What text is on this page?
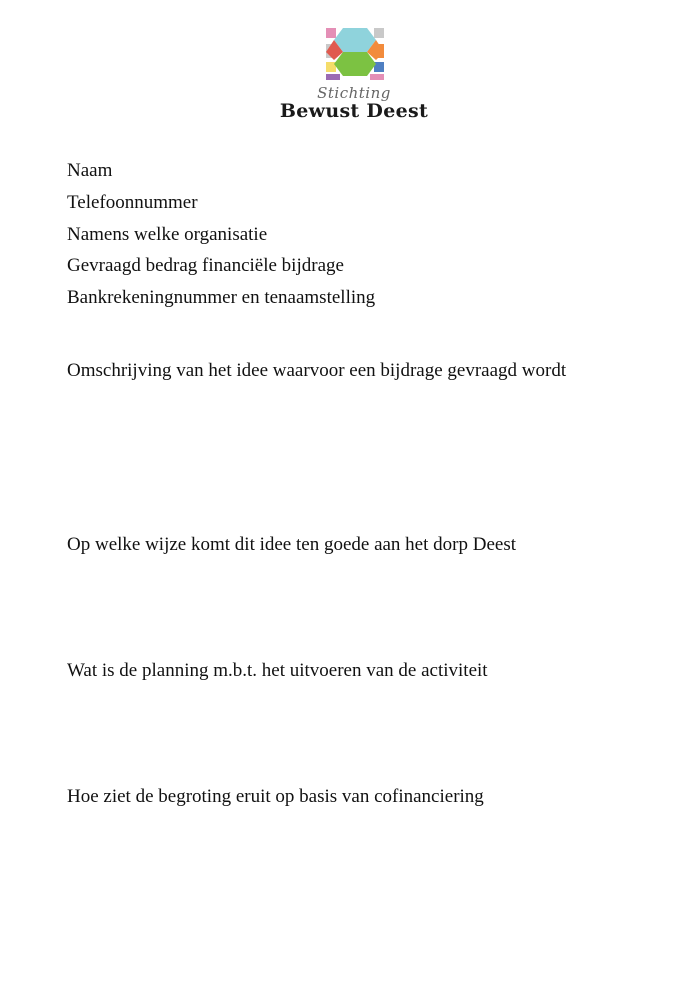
Stichting
Bewust Deest
Naam
Telefoonnummer
Namens welke organisatie
Gevraagd bedrag financiële bijdrage
Bankrekeningnummer en tenaamstelling

Omschrijving van het idee waarvoor een bijdrage gevraagd wordt

Op welke wijze komt dit idee ten goede aan het dorp Deest

Wat is de planning m.b.t. het uitvoeren van de activiteit

Hoe ziet de begroting eruit op basis van cofinanciering
